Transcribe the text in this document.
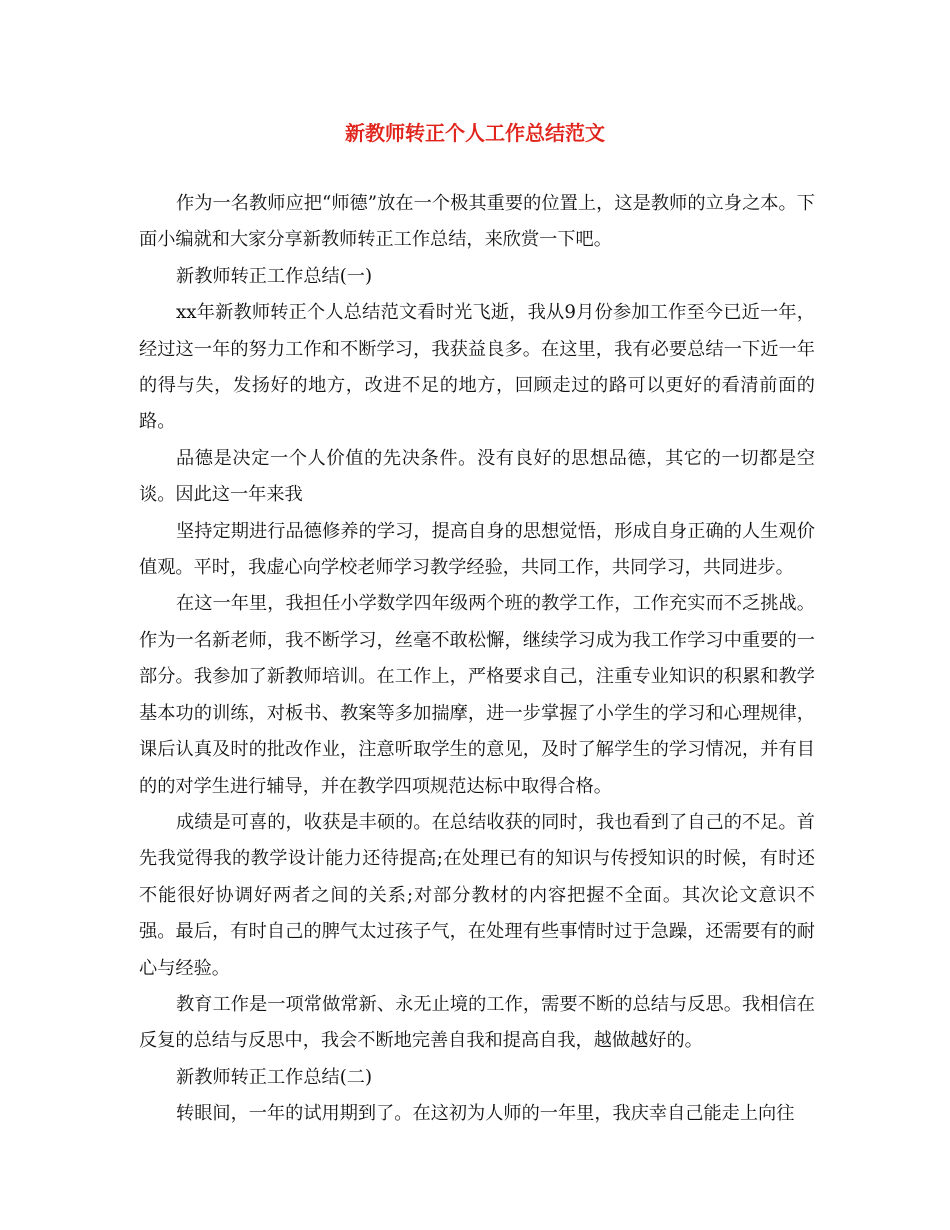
新教师转正个人工作总结范文

作为一名教师应把“师德”放在一个极其重要的位置上，这是教师的立身之本。下面小编就和大家分享新教师转正工作总结，来欣赏一下吧。

新教师转正工作总结(一)

xx年新教师转正个人总结范文看时光飞逝，我从9月份参加工作至今已近一年，经过这一年的努力工作和不断学习，我获益良多。在这里，我有必要总结一下近一年的得与失，发扬好的地方，改进不足的地方，回顾走过的路可以更好的看清前面的路。

品德是决定一个人价值的先决条件。没有良好的思想品德，其它的一切都是空谈。因此这一年来我

坚持定期进行品德修养的学习，提高自身的思想觉悟，形成自身正确的人生观价值观。平时，我虚心向学校老师学习教学经验，共同工作，共同学习，共同进步。

在这一年里，我担任小学数学四年级两个班的教学工作，工作充实而不乏挑战。作为一名新老师，我不断学习，丝毫不敢松懈，继续学习成为我工作学习中重要的一部分。我参加了新教师培训。在工作上，严格要求自己，注重专业知识的积累和教学基本功的训练，对板书、教案等多加揣摩，进一步掌握了小学生的学习和心理规律，课后认真及时的批改作业，注意听取学生的意见，及时了解学生的学习情况，并有目的的对学生进行辅导，并在教学四项规范达标中取得合格。

成绩是可喜的，收获是丰硕的。在总结收获的同时，我也看到了自己的不足。首先我觉得我的教学设计能力还待提高;在处理已有的知识与传授知识的时候，有时还不能很好协调好两者之间的关系;对部分教材的内容把握不全面。其次论文意识不强。最后，有时自己的脾气太过孩子气，在处理有些事情时过于急躁，还需要有的耐心与经验。

教育工作是一项常做常新、永无止境的工作，需要不断的总结与反思。我相信在反复的总结与反思中，我会不断地完善自我和提高自我，越做越好的。

新教师转正工作总结(二)

转眼间，一年的试用期到了。在这初为人师的一年里，我庆幸自己能走上向往
